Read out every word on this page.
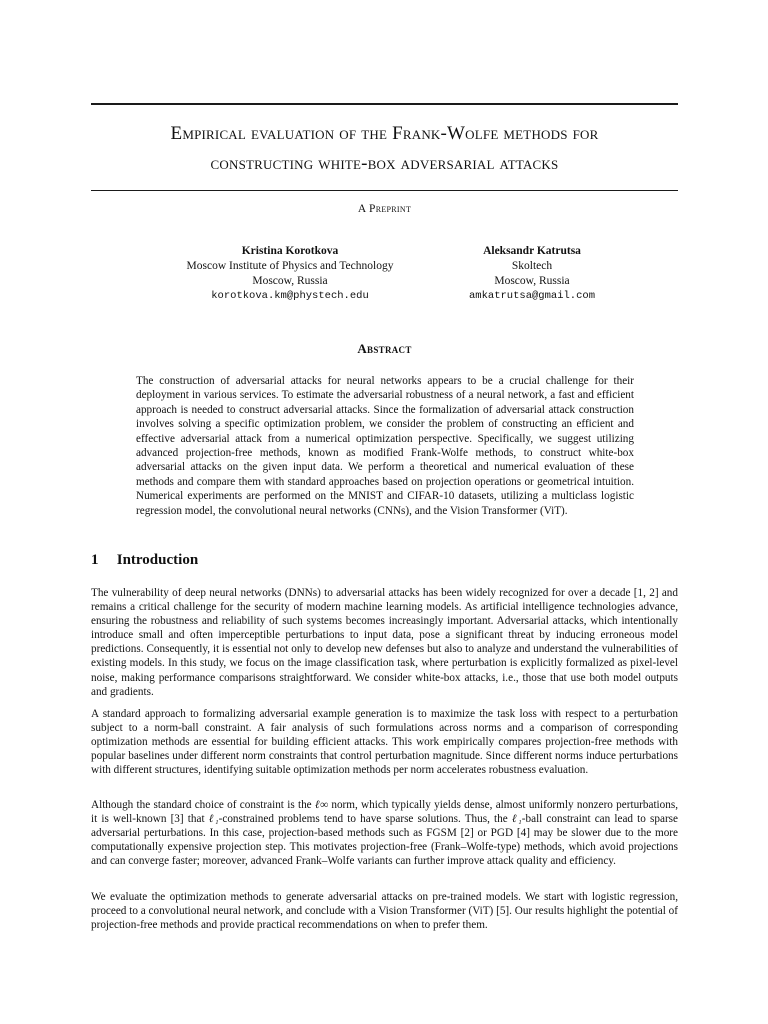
Empirical evaluation of the Frank-Wolfe methods for
constructing white-box adversarial attacks
A Preprint
Kristina Korotkova
Moscow Institute of Physics and Technology
Moscow, Russia
korotkova.km@phystech.edu
Aleksandr Katrutsa
Skoltech
Moscow, Russia
amkatrutsa@gmail.com
Abstract

The construction of adversarial attacks for neural networks appears to be a crucial challenge for their deployment in various services. To estimate the adversarial robustness of a neural network, a fast and efficient approach is needed to construct adversarial attacks. Since the formalization of adversarial attack construction involves solving a specific optimization problem, we consider the problem of constructing an efficient and effective adversarial attack from a numerical optimization perspective. Specifically, we suggest utilizing advanced projection-free methods, known as modified Frank-Wolfe methods, to construct white-box adversarial attacks on the given input data. We perform a theoretical and numerical evaluation of these methods and compare them with standard approaches based on projection operations or geometrical intuition. Numerical experiments are performed on the MNIST and CIFAR-10 datasets, utilizing a multiclass logistic regression model, the convolutional neural networks (CNNs), and the Vision Transformer (ViT).

1 Introduction

The vulnerability of deep neural networks (DNNs) to adversarial attacks has been widely recognized for over a decade [1, 2] and remains a critical challenge for the security of modern machine learning models. As artificial intelligence technologies advance, ensuring the robustness and reliability of such systems becomes increasingly important. Adversarial attacks, which intentionally introduce small and often imperceptible perturbations to input data, pose a significant threat by inducing erroneous model predictions. Consequently, it is essential not only to develop new defenses but also to analyze and understand the vulnerabilities of existing models. In this study, we focus on the image classification task, where perturbation is explicitly formalized as pixel-level noise, making performance comparisons straightforward. We consider white-box attacks, i.e., those that use both model outputs and gradients.

A standard approach to formalizing adversarial example generation is to maximize the task loss with respect to a perturbation subject to a norm-ball constraint. A fair analysis of such formulations across norms and a comparison of corresponding optimization methods are essential for building efficient attacks. This work empirically compares projection-free methods with popular baselines under different norm constraints that control perturbation magnitude. Since different norms induce perturbations with different structures, identifying suitable optimization methods per norm accelerates robustness evaluation.

Although the standard choice of constraint is the ℓ∞ norm, which typically yields dense, almost uniformly nonzero perturbations, it is well-known [3] that ℓ₁-constrained problems tend to have sparse solutions. Thus, the ℓ₁-ball constraint can lead to sparse adversarial perturbations. In this case, projection-based methods such as FGSM [2] or PGD [4] may be slower due to the more computationally expensive projection step. This motivates projection-free (Frank–Wolfe-type) methods, which avoid projections and can converge faster; moreover, advanced Frank–Wolfe variants can further improve attack quality and efficiency.

We evaluate the optimization methods to generate adversarial attacks on pre-trained models. We start with logistic regression, proceed to a convolutional neural network, and conclude with a Vision Transformer (ViT) [5]. Our results highlight the potential of projection-free methods and provide practical recommendations on when to prefer them.
